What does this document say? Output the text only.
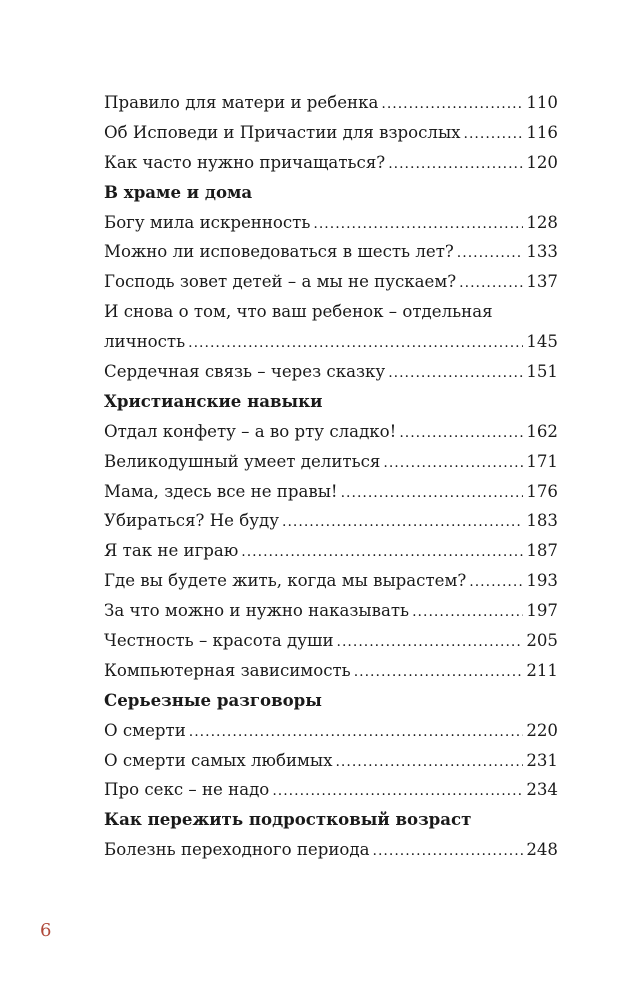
Правило для матери и ребенка .....	110
Об Исповеди и Причастии для взрослых .....	116
Как часто нужно причащаться? .....	120
В храме и дома
Богу мила искренность .....	128
Можно ли исповедоваться в шесть лет? .....	133
Господь зовет детей – а мы не пускаем? .....	137
И снова о том, что ваш ребенок – отдельная
личность .....	145
Сердечная связь – через сказку .....	151
Христианские навыки
Отдал конфету – а во рту сладко! .....	162
Великодушный умеет делиться .....	171
Мама, здесь все не правы! .....	176
Убираться? Не буду .....	183
Я так не играю .....	187
Где вы будете жить, когда мы вырастем? .....	193
За что можно и нужно наказывать .....	197
Честность – красота души .....	205
Компьютерная зависимость .....	211
Серьезные разговоры
О смерти .....	220
О смерти самых любимых .....	231
Про секс – не надо .....	234
Как пережить подростковый возраст
Болезнь переходного периода .....	248
6
